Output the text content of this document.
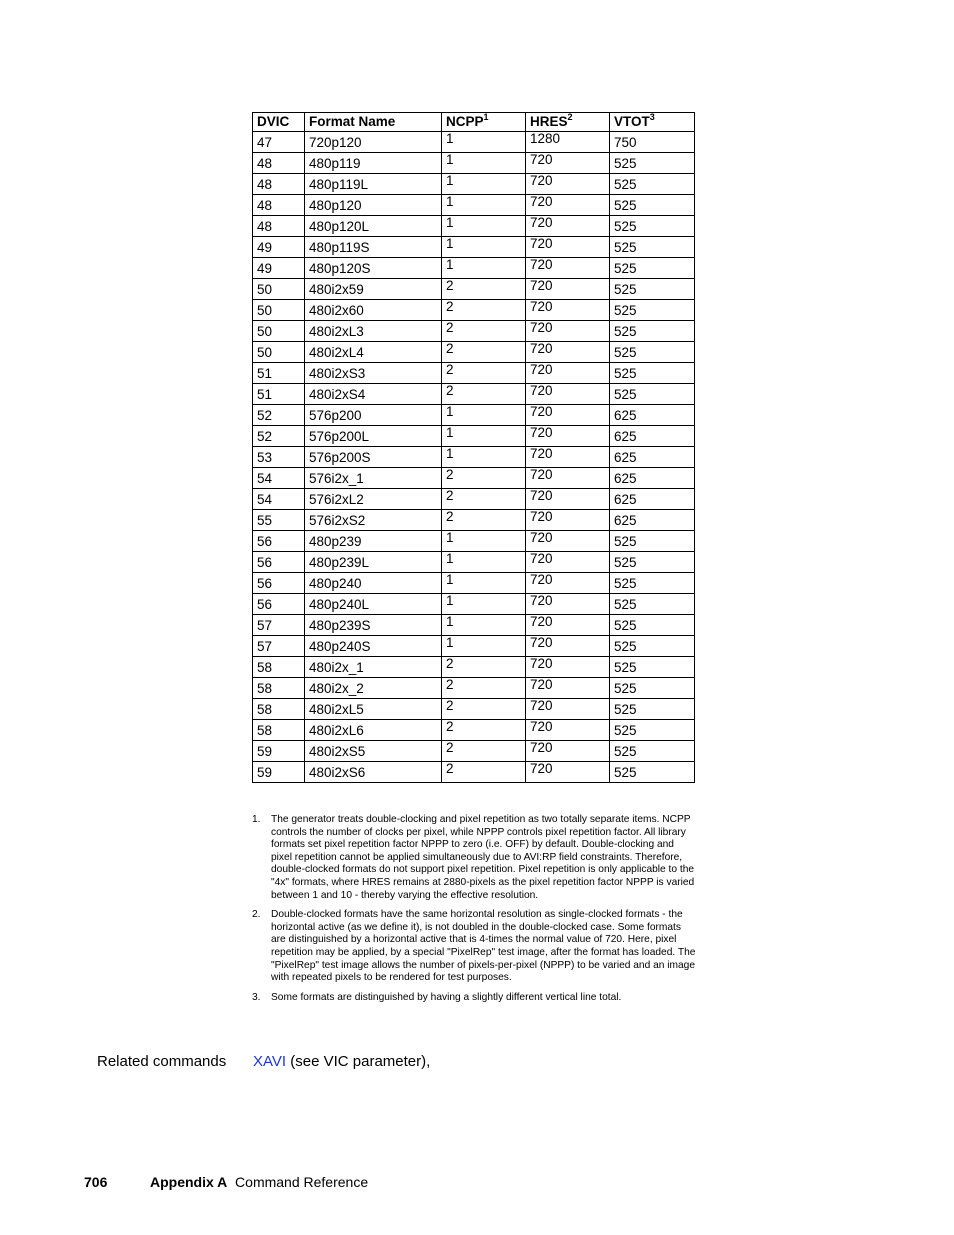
DVIC	Format Name	NCPP$^1$	HRES$^2$	VTOT$^3$
47	720p120	1	1280	750
48	480p119	1	720	525
48	480p119L	1	720	525
48	480p120	1	720	525
48	480p120L	1	720	525
49	480p119S	1	720	525
49	480p120S	1	720	525
50	480i2x59	2	720	525
50	480i2x60	2	720	525
50	480i2xL3	2	720	525
50	480i2xL4	2	720	525
51	480i2xS3	2	720	525
51	480i2xS4	2	720	525
52	576p200	1	720	625
52	576p200L	1	720	625
53	576p200S	1	720	625
54	576i2x_1	2	720	625
54	576i2xL2	2	720	625
55	576i2xS2	2	720	625
56	480p239	1	720	525
56	480p239L	1	720	525
56	480p240	1	720	525
56	480p240L	1	720	525
57	480p239S	1	720	525
57	480p240S	1	720	525
58	480i2x_1	2	720	525
58	480i2x_2	2	720	525
58	480i2xL5	2	720	525
58	480i2xL6	2	720	525
59	480i2xS5	2	720	525
59	480i2xS6	2	720	525
1.	The generator treats double-clocking and pixel repetition as two totally separate items. NCPP controls the number of clocks per pixel, while NPPP controls pixel repetition factor. All library formats set pixel repetition factor NPPP to zero (i.e. OFF) by default. Double-clocking and pixel repetition cannot be applied simultaneously due to AVI:RP field constraints. Therefore, double-clocked formats do not support pixel repetition. Pixel repetition is only applicable to the "4x" formats, where HRES remains at 2880-pixels as the pixel repetition factor NPPP is varied between 1 and 10 - thereby varying the effective resolution.
2.	Double-clocked formats have the same horizontal resolution as single-clocked formats - the horizontal active (as we define it), is not doubled in the double-clocked case. Some formats are distinguished by a horizontal active that is 4-times the normal value of 720. Here, pixel repetition may be applied, by a special "PixelRep" test image, after the format has loaded. The "PixelRep" test image allows the number of pixels-per-pixel (NPPP) to be varied and an image with repeated pixels to be rendered for test purposes.
3.	Some formats are distinguished by having a slightly different vertical line total.
Related commands XAVI (see VIC parameter),
706	Appendix A Command Reference
